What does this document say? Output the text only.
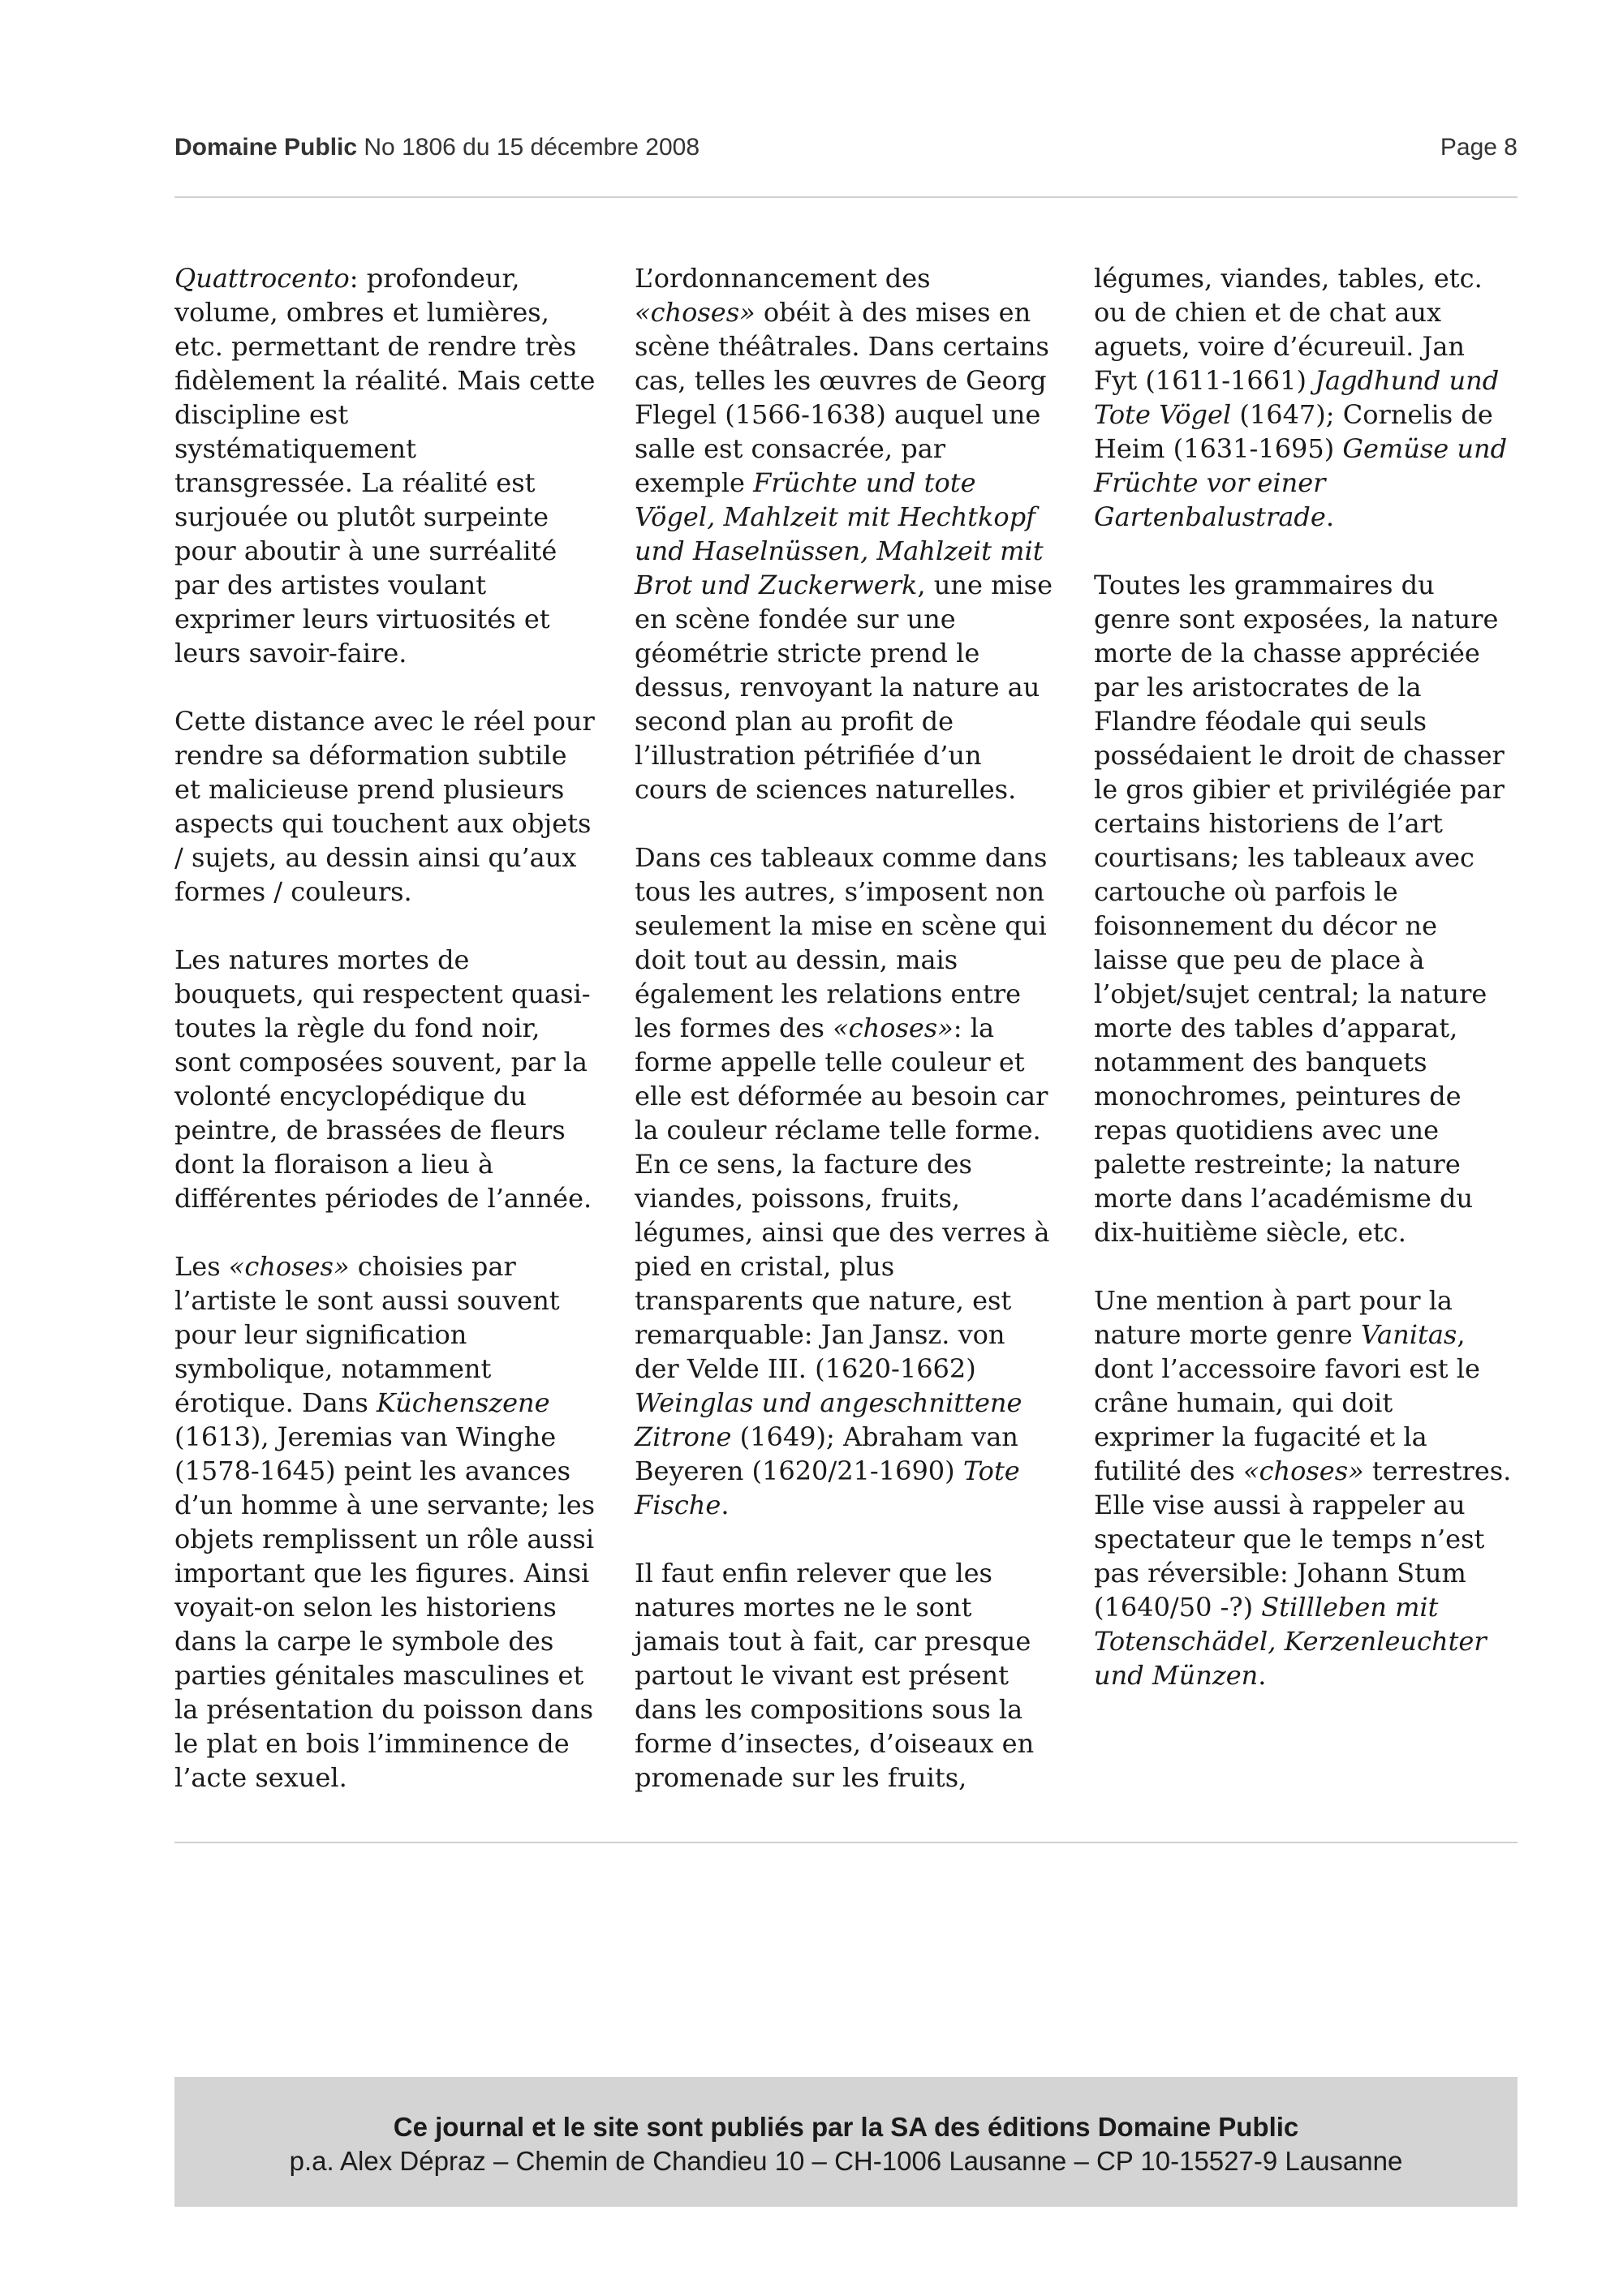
Domaine Public No 1806 du 15 décembre 2008	Page 8

Quattrocento: profondeur, volume, ombres et lumières, etc. permettant de rendre très fidèlement la réalité. Mais cette discipline est systématiquement transgressée. La réalité est surjouée ou plutôt surpeinte pour aboutir à une surréalité par des artistes voulant exprimer leurs virtuosités et leurs savoir-faire.

Cette distance avec le réel pour rendre sa déformation subtile et malicieuse prend plusieurs aspects qui touchent aux objets / sujets, au dessin ainsi qu’aux formes / couleurs.

Les natures mortes de bouquets, qui respectent quasi-toutes la règle du fond noir, sont composées souvent, par la volonté encyclopédique du peintre, de brassées de fleurs dont la floraison a lieu à différentes périodes de l’année.

Les «choses» choisies par l’artiste le sont aussi souvent pour leur signification symbolique, notamment érotique. Dans Küchenszene (1613), Jeremias van Winghe (1578-1645) peint les avances d’un homme à une servante; les objets remplissent un rôle aussi important que les figures. Ainsi voyait-on selon les historiens dans la carpe le symbole des parties génitales masculines et la présentation du poisson dans le plat en bois l’imminence de l’acte sexuel.

L’ordonnancement des «choses» obéit à des mises en scène théâtrales. Dans certains cas, telles les œuvres de Georg Flegel (1566-1638) auquel une salle est consacrée, par exemple Früchte und tote Vögel, Mahlzeit mit Hechtkopf und Haselnüssen, Mahlzeit mit Brot und Zuckerwerk, une mise en scène fondée sur une géométrie stricte prend le dessus, renvoyant la nature au second plan au profit de l’illustration pétrifiée d’un cours de sciences naturelles.

Dans ces tableaux comme dans tous les autres, s’imposent non seulement la mise en scène qui doit tout au dessin, mais également les relations entre les formes des «choses»: la forme appelle telle couleur et elle est déformée au besoin car la couleur réclame telle forme. En ce sens, la facture des viandes, poissons, fruits, légumes, ainsi que des verres à pied en cristal, plus transparents que nature, est remarquable: Jan Jansz. von der Velde III. (1620-1662) Weinglas und angeschnittene Zitrone (1649); Abraham van Beyeren (1620/21-1690) Tote Fische.

Il faut enfin relever que les natures mortes ne le sont jamais tout à fait, car presque partout le vivant est présent dans les compositions sous la forme d’insectes, d’oiseaux en promenade sur les fruits,

légumes, viandes, tables, etc. ou de chien et de chat aux aguets, voire d’écureuil. Jan Fyt (1611-1661) Jagdhund und Tote Vögel (1647); Cornelis de Heim (1631-1695) Gemüse und Früchte vor einer Gartenbalustrade.

Toutes les grammaires du genre sont exposées, la nature morte de la chasse appréciée par les aristocrates de la Flandre féodale qui seuls possédaient le droit de chasser le gros gibier et privilégiée par certains historiens de l’art courtisans; les tableaux avec cartouche où parfois le foisonnement du décor ne laisse que peu de place à l’objet/sujet central; la nature morte des tables d’apparat, notamment des banquets monochromes, peintures de repas quotidiens avec une palette restreinte; la nature morte dans l’académisme du dix-huitième siècle, etc.

Une mention à part pour la nature morte genre Vanitas, dont l’accessoire favori est le crâne humain, qui doit exprimer la fugacité et la futilité des «choses» terrestres. Elle vise aussi à rappeler au spectateur que le temps n’est pas réversible: Johann Stum (1640/50 -?) Stillleben mit Totenschädel, Kerzenleuchter und Münzen.

Ce journal et le site sont publiés par la SA des éditions Domaine Public
p.a. Alex Dépraz – Chemin de Chandieu 10 – CH-1006 Lausanne – CP 10-15527-9 Lausanne
